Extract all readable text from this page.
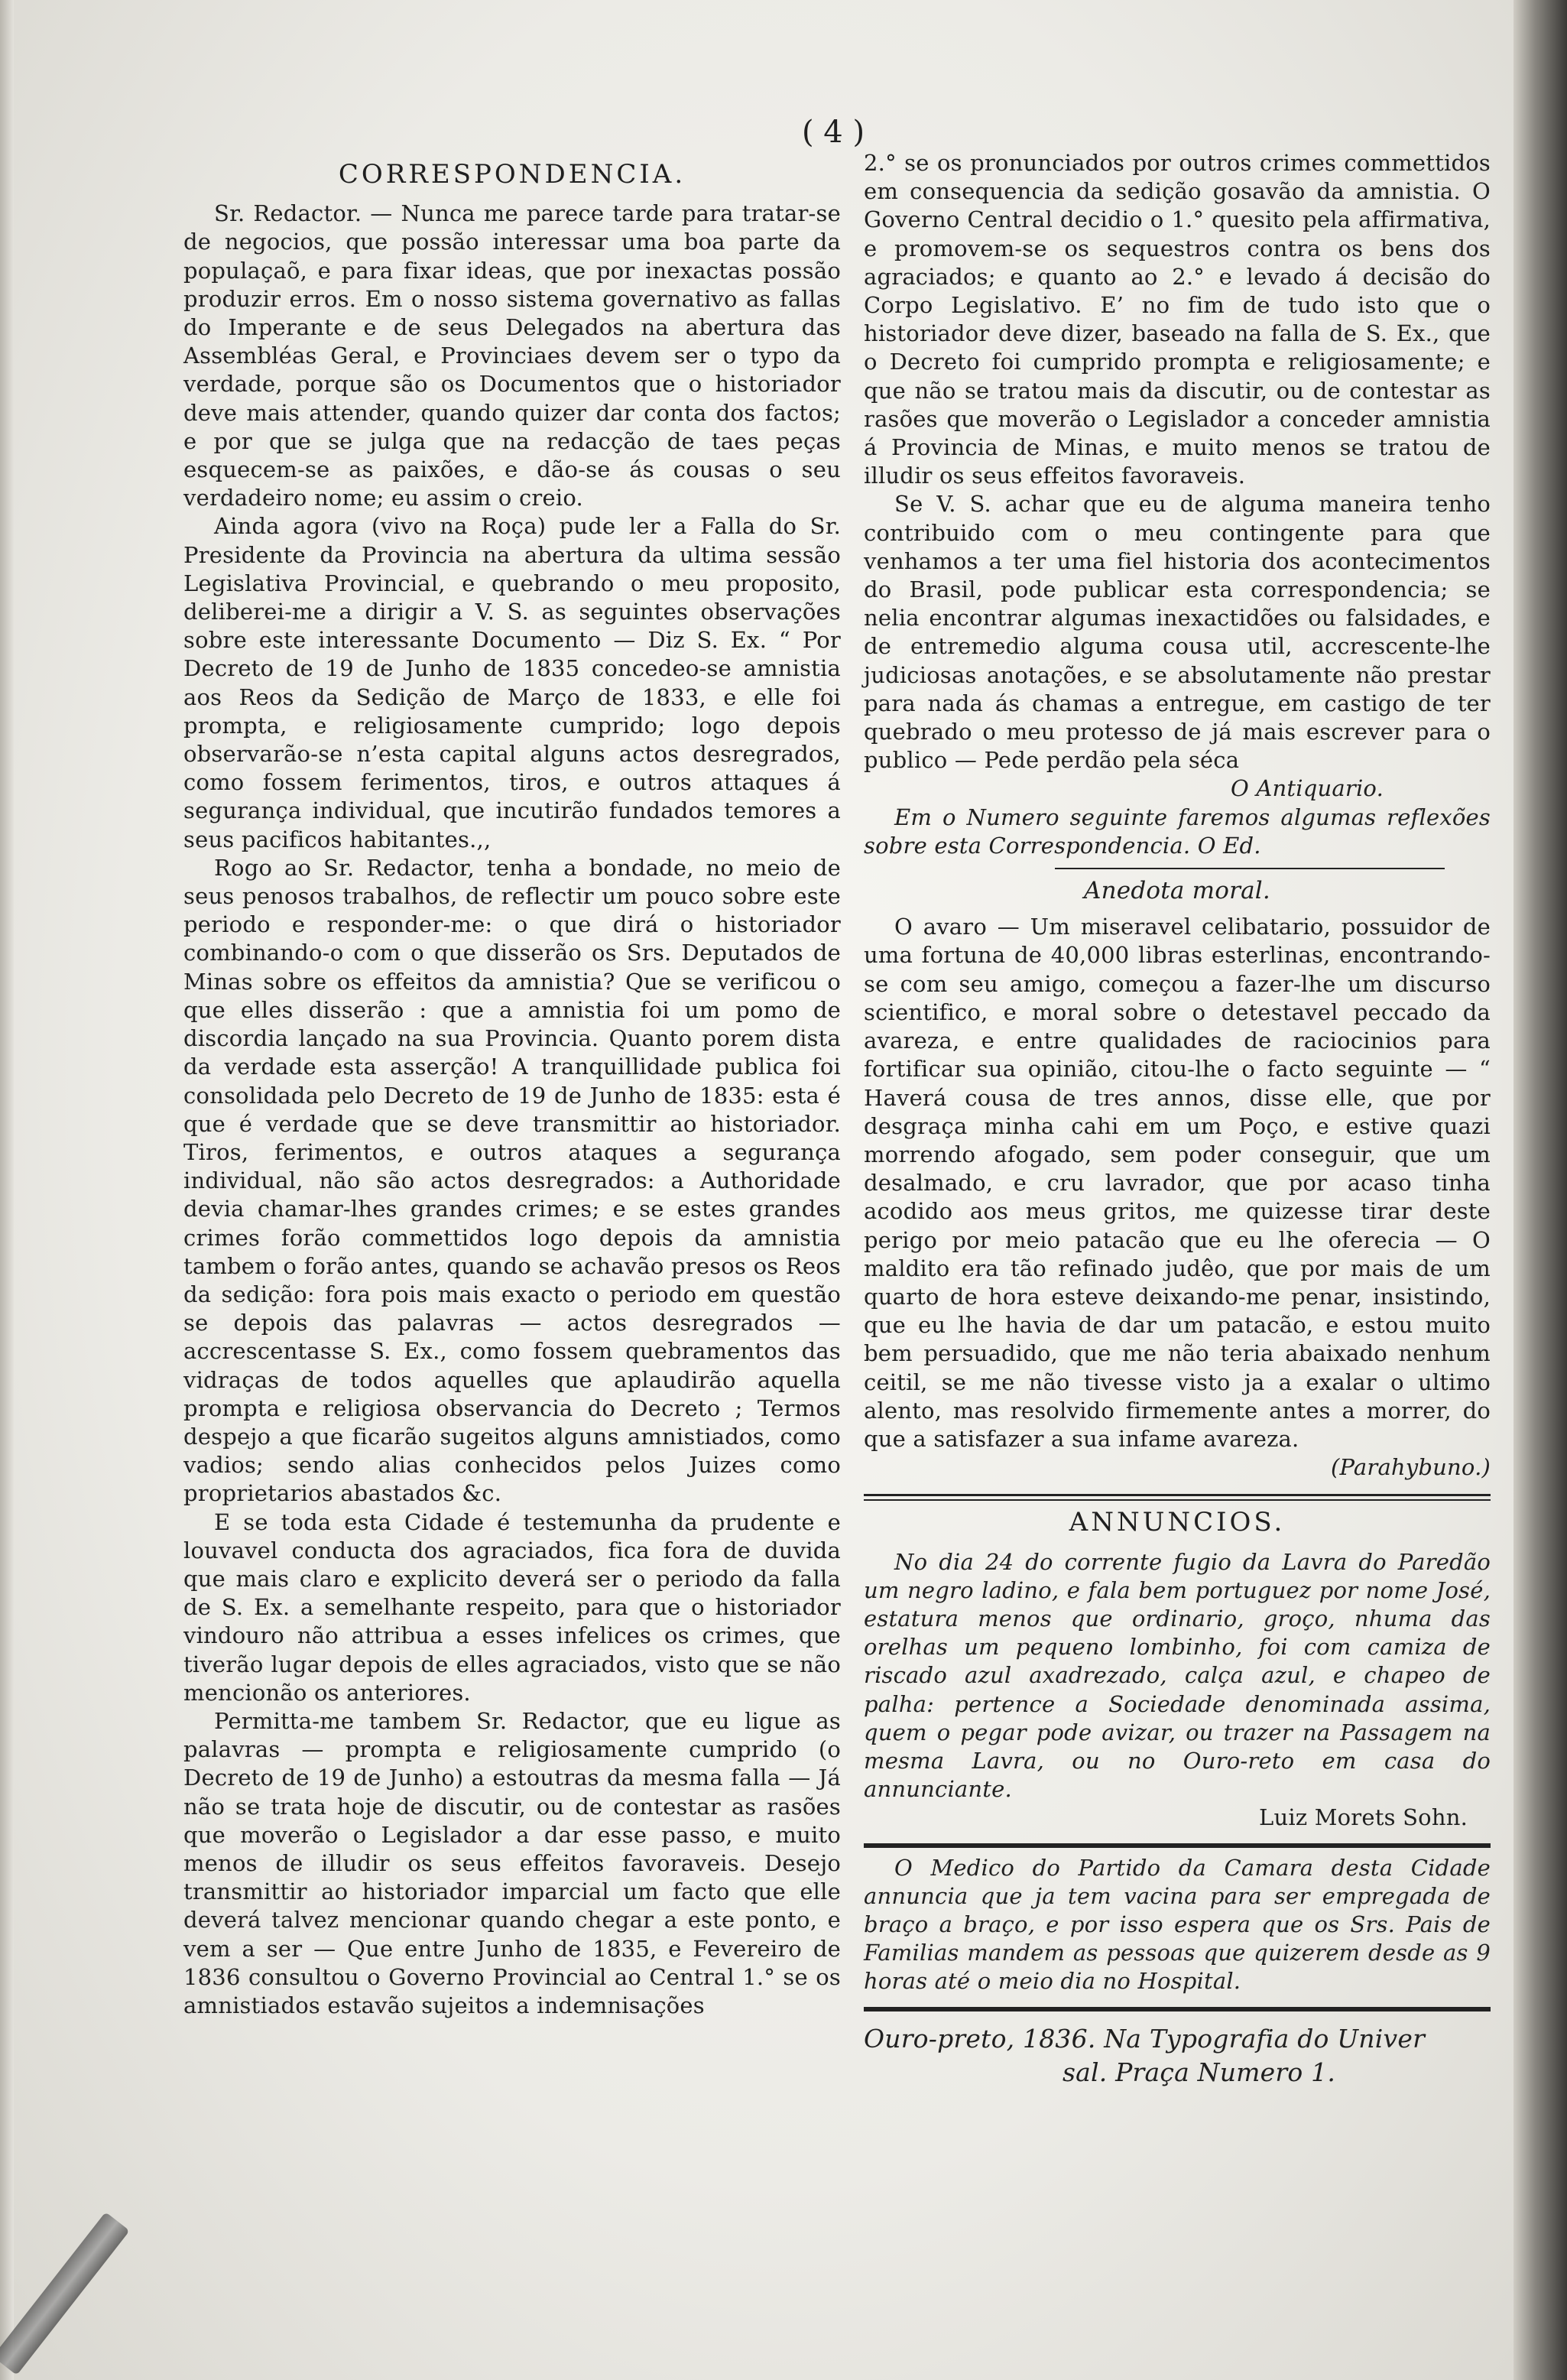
( 4 )
CORRESPONDENCIA.

Sr. Redactor. — Nunca me parece tarde para tratar-se de negocios, que possão interessar uma boa parte da populaçaõ, e para fixar ideas, que por inexactas possão produzir erros. Em o nosso sistema governativo as fallas do Imperante e de seus Delegados na abertura das Assembléas Geral, e Provinciaes devem ser o typo da verdade, porque são os Documentos que o historiador deve mais attender, quando quizer dar conta dos factos; e por que se julga que na redacção de taes peças esquecem-se as paixões, e dão-se ás cousas o seu verdadeiro nome; eu assim o creio.

Ainda agora (vivo na Roça) pude ler a Falla do Sr. Presidente da Provincia na abertura da ultima sessão Legislativa Provincial, e quebrando o meu proposito, deliberei-me a dirigir a V. S. as seguintes observações sobre este interessante Documento — Diz S. Ex. “ Por Decreto de 19 de Junho de 1835 concedeo-se amnistia aos Reos da Sedição de Março de 1833, e elle foi prompta, e religiosamente cumprido; logo depois observarão-se n’esta capital alguns actos desregrados, como fossem ferimentos, tiros, e outros attaques á segurança individual, que incutirão fundados temores a seus pacificos habitantes.,,

Rogo ao Sr. Redactor, tenha a bondade, no meio de seus penosos trabalhos, de reflectir um pouco sobre este periodo e responder-me: o que dirá o historiador combinando-o com o que disserão os Srs. Deputados de Minas sobre os effeitos da amnistia? Que se verificou o que elles disserão : que a amnistia foi um pomo de discordia lançado na sua Provincia. Quanto porem dista da verdade esta asserção! A tranquillidade publica foi consolidada pelo Decreto de 19 de Junho de 1835: esta é que é verdade que se deve transmittir ao historiador. Tiros, ferimentos, e outros ataques a segurança individual, não são actos desregrados: a Authoridade devia chamar-lhes grandes crimes; e se estes grandes crimes forão commettidos logo depois da amnistia tambem o forão antes, quando se achavão presos os Reos da sedição: fora pois mais exacto o periodo em questão se depois das palavras — actos desregrados — accrescentasse S. Ex., como fossem quebramentos das vidraças de todos aquelles que aplaudirão aquella prompta e religiosa observancia do Decreto ; Termos despejo a que ficarão sugeitos alguns amnistiados, como vadios; sendo alias conhecidos pelos Juizes como proprietarios abastados &c.

E se toda esta Cidade é testemunha da prudente e louvavel conducta dos agraciados, fica fora de duvida que mais claro e explicito deverá ser o periodo da falla de S. Ex. a semelhante respeito, para que o historiador vindouro não attribua a esses infelices os crimes, que tiverão lugar depois de elles agraciados, visto que se não mencionão os anteriores.

Permitta-me tambem Sr. Redactor, que eu ligue as palavras — prompta e religiosamente cumprido (o Decreto de 19 de Junho) a estoutras da mesma falla — Já não se trata hoje de discutir, ou de contestar as rasões que moverão o Legislador a dar esse passo, e muito menos de illudir os seus effeitos favoraveis. Desejo transmittir ao historiador imparcial um facto que elle deverá talvez mencionar quando chegar a este ponto, e vem a ser — Que entre Junho de 1835, e Fevereiro de 1836 consultou o Governo Provincial ao Central 1.° se os amnistiados estavão sujeitos a indemnisações

2.° se os pronunciados por outros crimes commettidos em consequencia da sedição gosavão da amnistia. O Governo Central decidio o 1.° quesito pela affirmativa, e promovem-se os sequestros contra os bens dos agraciados; e quanto ao 2.° e levado á decisão do Corpo Legislativo. E’ no fim de tudo isto que o historiador deve dizer, baseado na falla de S. Ex., que o Decreto foi cumprido prompta e religiosamente; e que não se tratou mais da discutir, ou de contestar as rasões que moverão o Legislador a conceder amnistia á Provincia de Minas, e muito menos se tratou de illudir os seus effeitos favoraveis.

Se V. S. achar que eu de alguma maneira tenho contribuido com o meu contingente para que venhamos a ter uma fiel historia dos acontecimentos do Brasil, pode publicar esta correspondencia; se nelia encontrar algumas inexactidões ou falsidades, e de entremedio alguma cousa util, accrescente-lhe judiciosas anotações, e se absolutamente não prestar para nada ás chamas a entregue, em castigo de ter quebrado o meu protesso de já mais escrever para o publico — Pede perdão pela séca

O Antiquario.

Em o Numero seguinte faremos algumas reflexões sobre esta Correspondencia. O Ed.

Anedota moral.

O avaro — Um miseravel celibatario, possuidor de uma fortuna de 40,000 libras esterlinas, encontrando-se com seu amigo, começou a fazer-lhe um discurso scientifico, e moral sobre o detestavel peccado da avareza, e entre qualidades de raciocinios para fortificar sua opinião, citou-lhe o facto seguinte — “ Haverá cousa de tres annos, disse elle, que por desgraça minha cahi em um Poço, e estive quazi morrendo afogado, sem poder conseguir, que um desalmado, e cru lavrador, que por acaso tinha acodido aos meus gritos, me quizesse tirar deste perigo por meio patacão que eu lhe oferecia — O maldito era tão refinado judêo, que por mais de um quarto de hora esteve deixando-me penar, insistindo, que eu lhe havia de dar um patacão, e estou muito bem persuadido, que me não teria abaixado nenhum ceitil, se me não tivesse visto ja a exalar o ultimo alento, mas resolvido firmemente antes a morrer, do que a satisfazer a sua infame avareza.

(Parahybuno.)
ANNUNCIOS.

No dia 24 do corrente fugio da Lavra do Paredão um negro ladino, e fala bem portuguez por nome José, estatura menos que ordinario, groço, nhuma das orelhas um pequeno lombinho, foi com camiza de riscado azul axadrezado, calça azul, e chapeo de palha: pertence a Sociedade denominada assima, quem o pegar pode avizar, ou trazer na Passagem na mesma Lavra, ou no Ouro-reto em casa do annunciante.

Luiz Morets Sohn.

O Medico do Partido da Camara desta Cidade annuncia que ja tem vacina para ser empregada de braço a braço, e por isso espera que os Srs. Pais de Familias mandem as pessoas que quizerem desde as 9 horas até o meio dia no Hospital.

Ouro-preto, 1836. Na Typografia do Univer
sal. Praça Numero 1.
